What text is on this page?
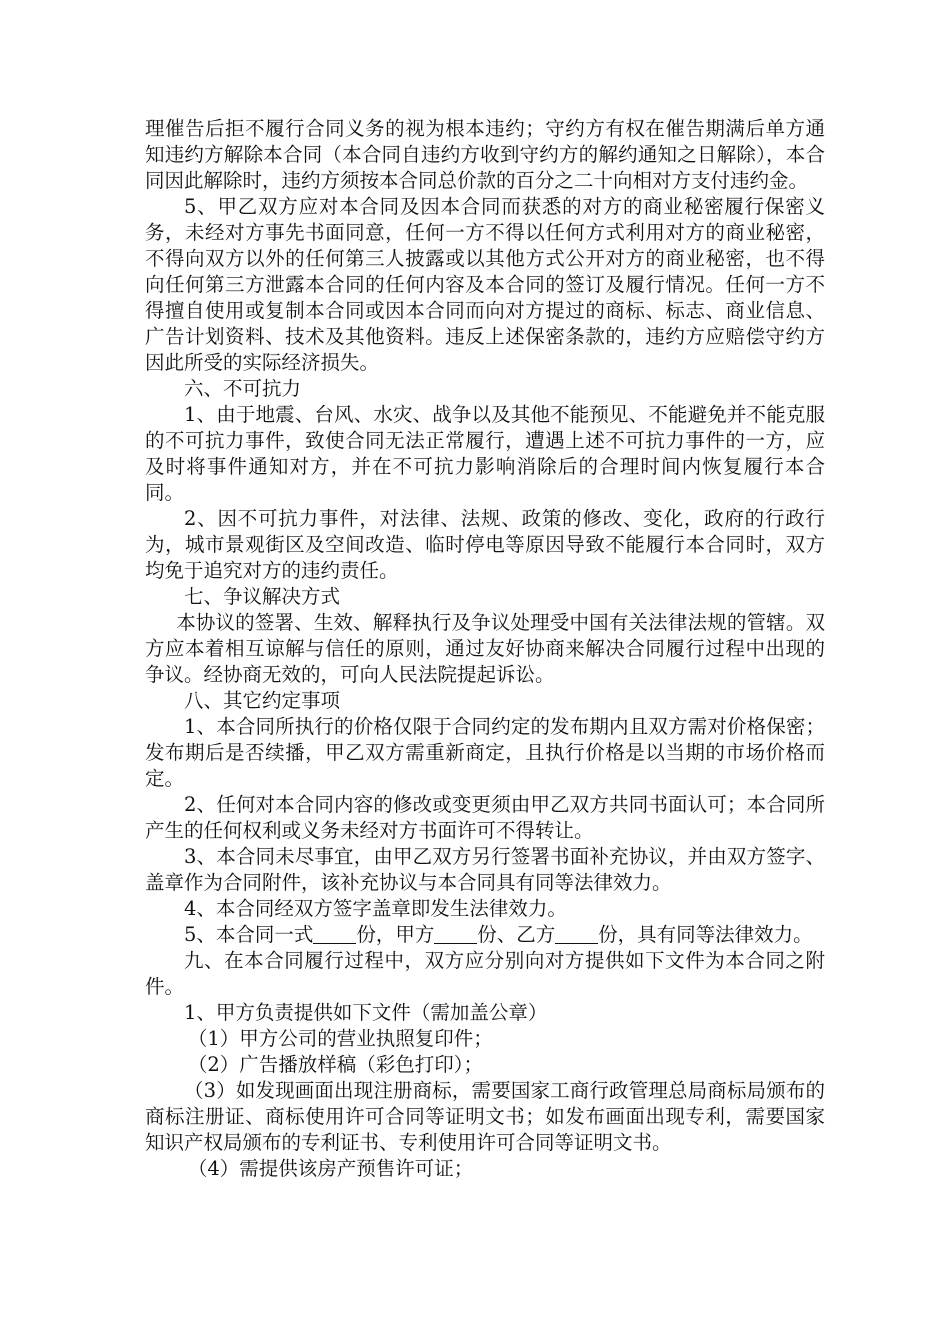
理催告后拒不履行合同义务的视为根本违约；守约方有权在催告期满后单方通知违约方解除本合同（本合同自违约方收到守约方的解约通知之日解除），本合同因此解除时，违约方须按本合同总价款的百分之二十向相对方支付违约金。

5、甲乙双方应对本合同及因本合同而获悉的对方的商业秘密履行保密义务，未经对方事先书面同意，任何一方不得以任何方式利用对方的商业秘密，不得向双方以外的任何第三人披露或以其他方式公开对方的商业秘密，也不得向任何第三方泄露本合同的任何内容及本合同的签订及履行情况。任何一方不得擅自使用或复制本合同或因本合同而向对方提过的商标、标志、商业信息、广告计划资料、技术及其他资料。违反上述保密条款的，违约方应赔偿守约方因此所受的实际经济损失。

六、不可抗力

1、由于地震、台风、水灾、战争以及其他不能预见、不能避免并不能克服的不可抗力事件，致使合同无法正常履行，遭遇上述不可抗力事件的一方，应及时将事件通知对方，并在不可抗力影响消除后的合理时间内恢复履行本合同。

2、因不可抗力事件，对法律、法规、政策的修改、变化，政府的行政行为，城市景观街区及空间改造、临时停电等原因导致不能履行本合同时，双方均免于追究对方的违约责任。

七、争议解决方式

本协议的签署、生效、解释执行及争议处理受中国有关法律法规的管辖。双方应本着相互谅解与信任的原则，通过友好协商来解决合同履行过程中出现的争议。经协商无效的，可向人民法院提起诉讼。

八、其它约定事项

1、本合同所执行的价格仅限于合同约定的发布期内且双方需对价格保密；发布期后是否续播，甲乙双方需重新商定，且执行价格是以当期的市场价格而定。

2、任何对本合同内容的修改或变更须由甲乙双方共同书面认可；本合同所产生的任何权利或义务未经对方书面许可不得转让。

3、本合同未尽事宜，由甲乙双方另行签署书面补充协议，并由双方签字、盖章作为合同附件，该补充协议与本合同具有同等法律效力。

4、本合同经双方签字盖章即发生法律效力。

5、本合同一式 份，甲方 份、乙方 份，具有同等法律效力。

九、在本合同履行过程中，双方应分别向对方提供如下文件为本合同之附件。

1、甲方负责提供如下文件（需加盖公章）

（1）甲方公司的营业执照复印件；

（2）广告播放样稿（彩色打印）；

（3）如发现画面出现注册商标，需要国家工商行政管理总局商标局颁布的商标注册证、商标使用许可合同等证明文书；如发布画面出现专利，需要国家知识产权局颁布的专利证书、专利使用许可合同等证明文书。

（4）需提供该房产预售许可证；
